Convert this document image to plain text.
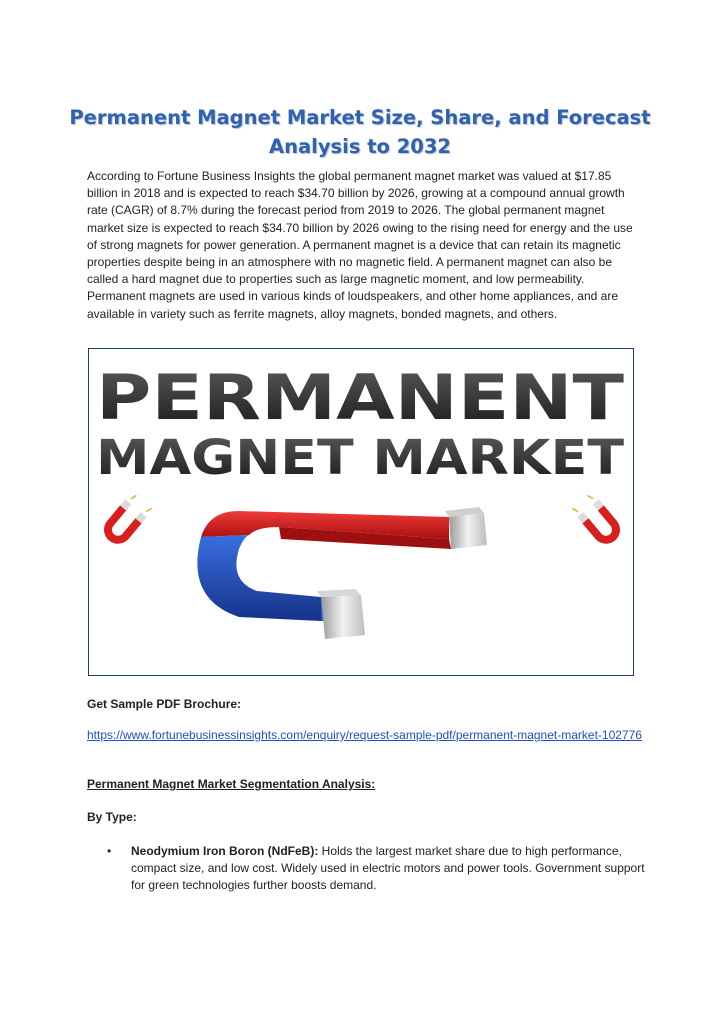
Permanent Magnet Market Size, Share, and Forecast Analysis to 2032

According to Fortune Business Insights the global permanent magnet market was valued at $17.85 billion in 2018 and is expected to reach $34.70 billion by 2026, growing at a compound annual growth rate (CAGR) of 8.7% during the forecast period from 2019 to 2026. The global permanent magnet market size is expected to reach $34.70 billion by 2026 owing to the rising need for energy and the use of strong magnets for power generation. A permanent magnet is a device that can retain its magnetic properties despite being in an atmosphere with no magnetic field. A permanent magnet can also be called a hard magnet due to properties such as large magnetic moment, and low permeability. Permanent magnets are used in various kinds of loudspeakers, and other home appliances, and are available in variety such as ferrite magnets, alloy magnets, bonded magnets, and others.

PERMANENT
MAGNET MARKET

Get Sample PDF Brochure:

https://www.fortunebusinessinsights.com/enquiry/request-sample-pdf/permanent-magnet-market-102776

Permanent Magnet Market Segmentation Analysis:

By Type:

• Neodymium Iron Boron (NdFeB): Holds the largest market share due to high performance, compact size, and low cost. Widely used in electric motors and power tools. Government support for green technologies further boosts demand.
